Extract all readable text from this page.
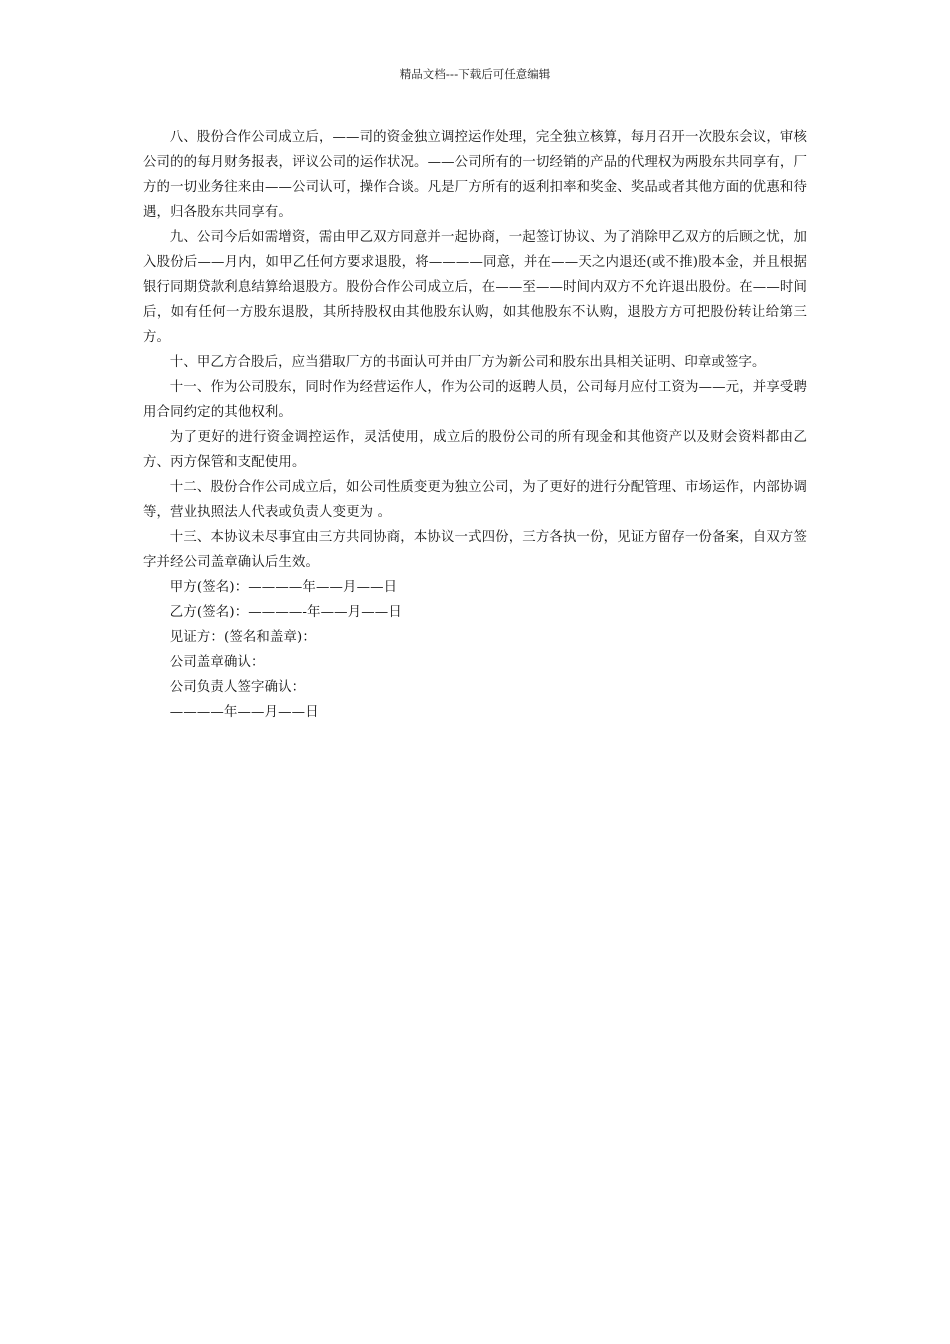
精品文档---下载后可任意编辑

八、股份合作公司成立后，——司的资金独立调控运作处理，完全独立核算，每月召开一次股东会议，审核公司的的每月财务报表，评议公司的运作状况。——公司所有的一切经销的产品的代理权为两股东共同享有，厂方的一切业务往来由——公司认可，操作合谈。凡是厂方所有的返利扣率和奖金、奖品或者其他方面的优惠和待遇，归各股东共同享有。

九、公司今后如需增资，需由甲乙双方同意并一起协商，一起签订协议、为了消除甲乙双方的后顾之忧，加入股份后——月内，如甲乙任何方要求退股，将————同意，并在——天之内退还(或不推)股本金，并且根据银行同期贷款利息结算给退股方。股份合作公司成立后，在——至——时间内双方不允许退出股份。在——时间后，如有任何一方股东退股，其所持股权由其他股东认购，如其他股东不认购，退股方方可把股份转让给第三方。

十、甲乙方合股后，应当猎取厂方的书面认可并由厂方为新公司和股东出具相关证明、印章或签字。

十一、作为公司股东，同时作为经营运作人，作为公司的返聘人员，公司每月应付工资为——元，并享受聘用合同约定的其他权利。

为了更好的进行资金调控运作，灵活使用，成立后的股份公司的所有现金和其他资产以及财会资料都由乙方、丙方保管和支配使用。

十二、股份合作公司成立后，如公司性质变更为独立公司，为了更好的进行分配管理、市场运作，内部协调等，营业执照法人代表或负责人变更为 。

十三、本协议未尽事宜由三方共同协商，本协议一式四份，三方各执一份，见证方留存一份备案，自双方签字并经公司盖章确认后生效。

甲方(签名)：————年——月——日

乙方(签名)：————-年——月——日

见证方：(签名和盖章)：

公司盖章确认：

公司负责人签字确认：

————年——月——日
